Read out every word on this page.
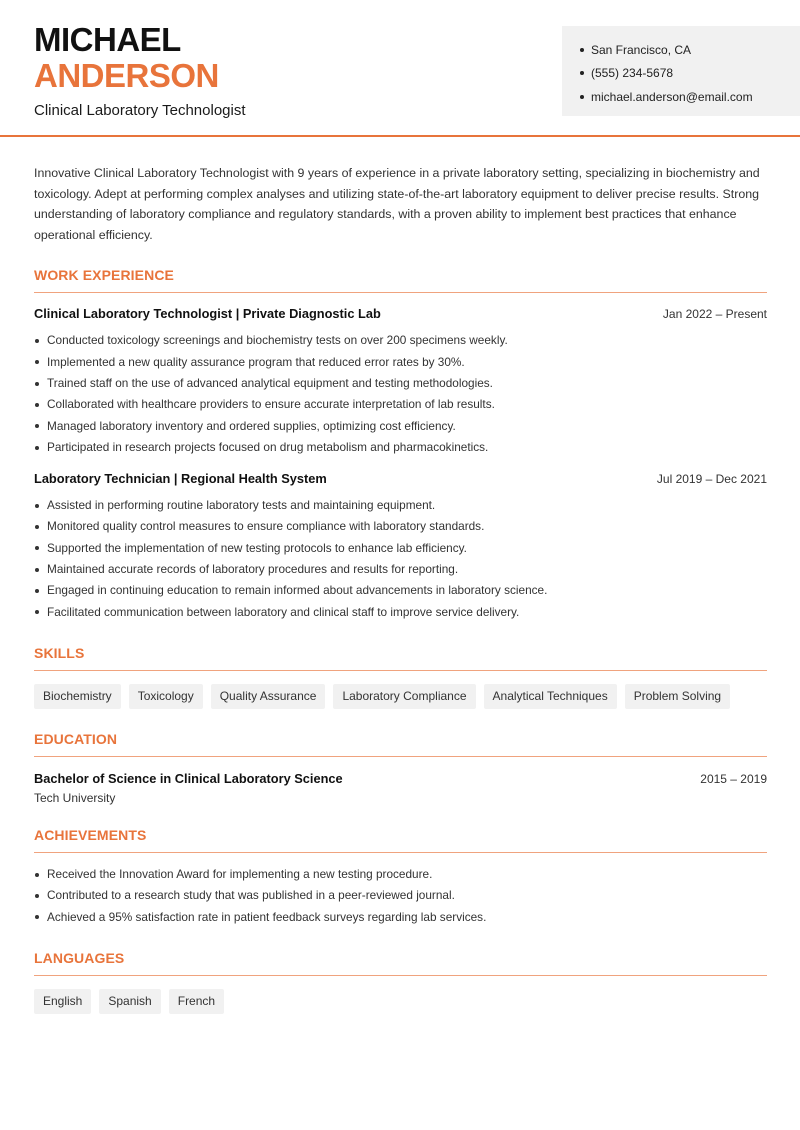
MICHAEL
ANDERSON
Clinical Laboratory Technologist
San Francisco, CA
(555) 234-5678
michael.anderson@email.com

Innovative Clinical Laboratory Technologist with 9 years of experience in a private laboratory setting, specializing in biochemistry and toxicology. Adept at performing complex analyses and utilizing state-of-the-art laboratory equipment to deliver precise results. Strong understanding of laboratory compliance and regulatory standards, with a proven ability to implement best practices that enhance operational efficiency.

WORK EXPERIENCE
Clinical Laboratory Technologist | Private Diagnostic Lab	Jan 2022 – Present
Conducted toxicology screenings and biochemistry tests on over 200 specimens weekly.
Implemented a new quality assurance program that reduced error rates by 30%.
Trained staff on the use of advanced analytical equipment and testing methodologies.
Collaborated with healthcare providers to ensure accurate interpretation of lab results.
Managed laboratory inventory and ordered supplies, optimizing cost efficiency.
Participated in research projects focused on drug metabolism and pharmacokinetics.
Laboratory Technician | Regional Health System	Jul 2019 – Dec 2021
Assisted in performing routine laboratory tests and maintaining equipment.
Monitored quality control measures to ensure compliance with laboratory standards.
Supported the implementation of new testing protocols to enhance lab efficiency.
Maintained accurate records of laboratory procedures and results for reporting.
Engaged in continuing education to remain informed about advancements in laboratory science.
Facilitated communication between laboratory and clinical staff to improve service delivery.
SKILLS
Biochemistry	Toxicology	Quality Assurance	Laboratory Compliance	Analytical Techniques	Problem Solving
EDUCATION
Bachelor of Science in Clinical Laboratory Science	2015 – 2019
Tech University
ACHIEVEMENTS
Received the Innovation Award for implementing a new testing procedure.
Contributed to a research study that was published in a peer-reviewed journal.
Achieved a 95% satisfaction rate in patient feedback surveys regarding lab services.
LANGUAGES
English	Spanish	French
